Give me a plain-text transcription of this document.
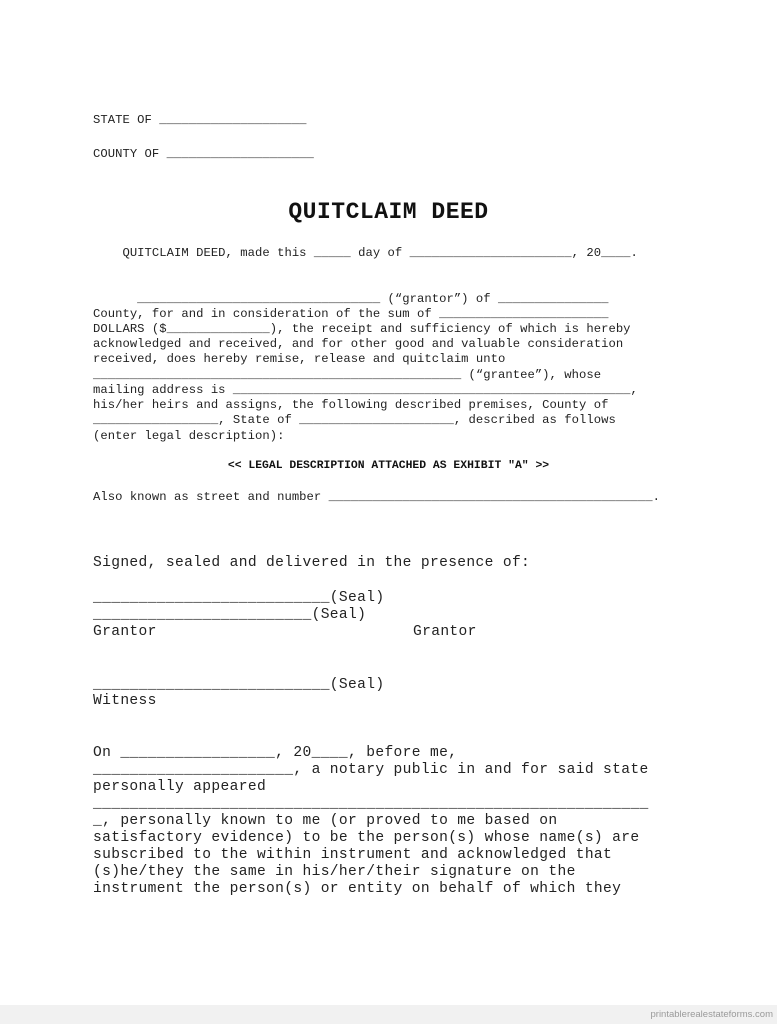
STATE OF ____________________
COUNTY OF ____________________
QUITCLAIM DEED
QUITCLAIM DEED, made this _____ day of ______________________, 20____.
_________________________________ (“grantor”) of _______________
County, for and in consideration of the sum of _______________________
DOLLARS ($______________), the receipt and sufficiency of which is hereby
acknowledged and received, and for other good and valuable consideration
received, does hereby remise, release and quitclaim unto
__________________________________________________ (“grantee”), whose
mailing address is ______________________________________________________,
his/her heirs and assigns, the following described premises, County of
_________________, State of _____________________, described as follows
(enter legal description):
<< LEGAL DESCRIPTION ATTACHED AS EXHIBIT "A" >>
Also known as street and number ____________________________________________.
Signed, sealed and delivered in the presence of:
__________________________(Seal)
________________________(Seal)
Grantor	Grantor
__________________________(Seal)
Witness
On _________________, 20____, before me,
______________________, a notary public in and for said state
personally appeared
_____________________________________________________________
_, personally known to me (or proved to me based on
satisfactory evidence) to be the person(s) whose name(s) are
subscribed to the within instrument and acknowledged that
(s)he/they the same in his/her/their signature on the
instrument the person(s) or entity on behalf of which they
printablerealestateforms.com
